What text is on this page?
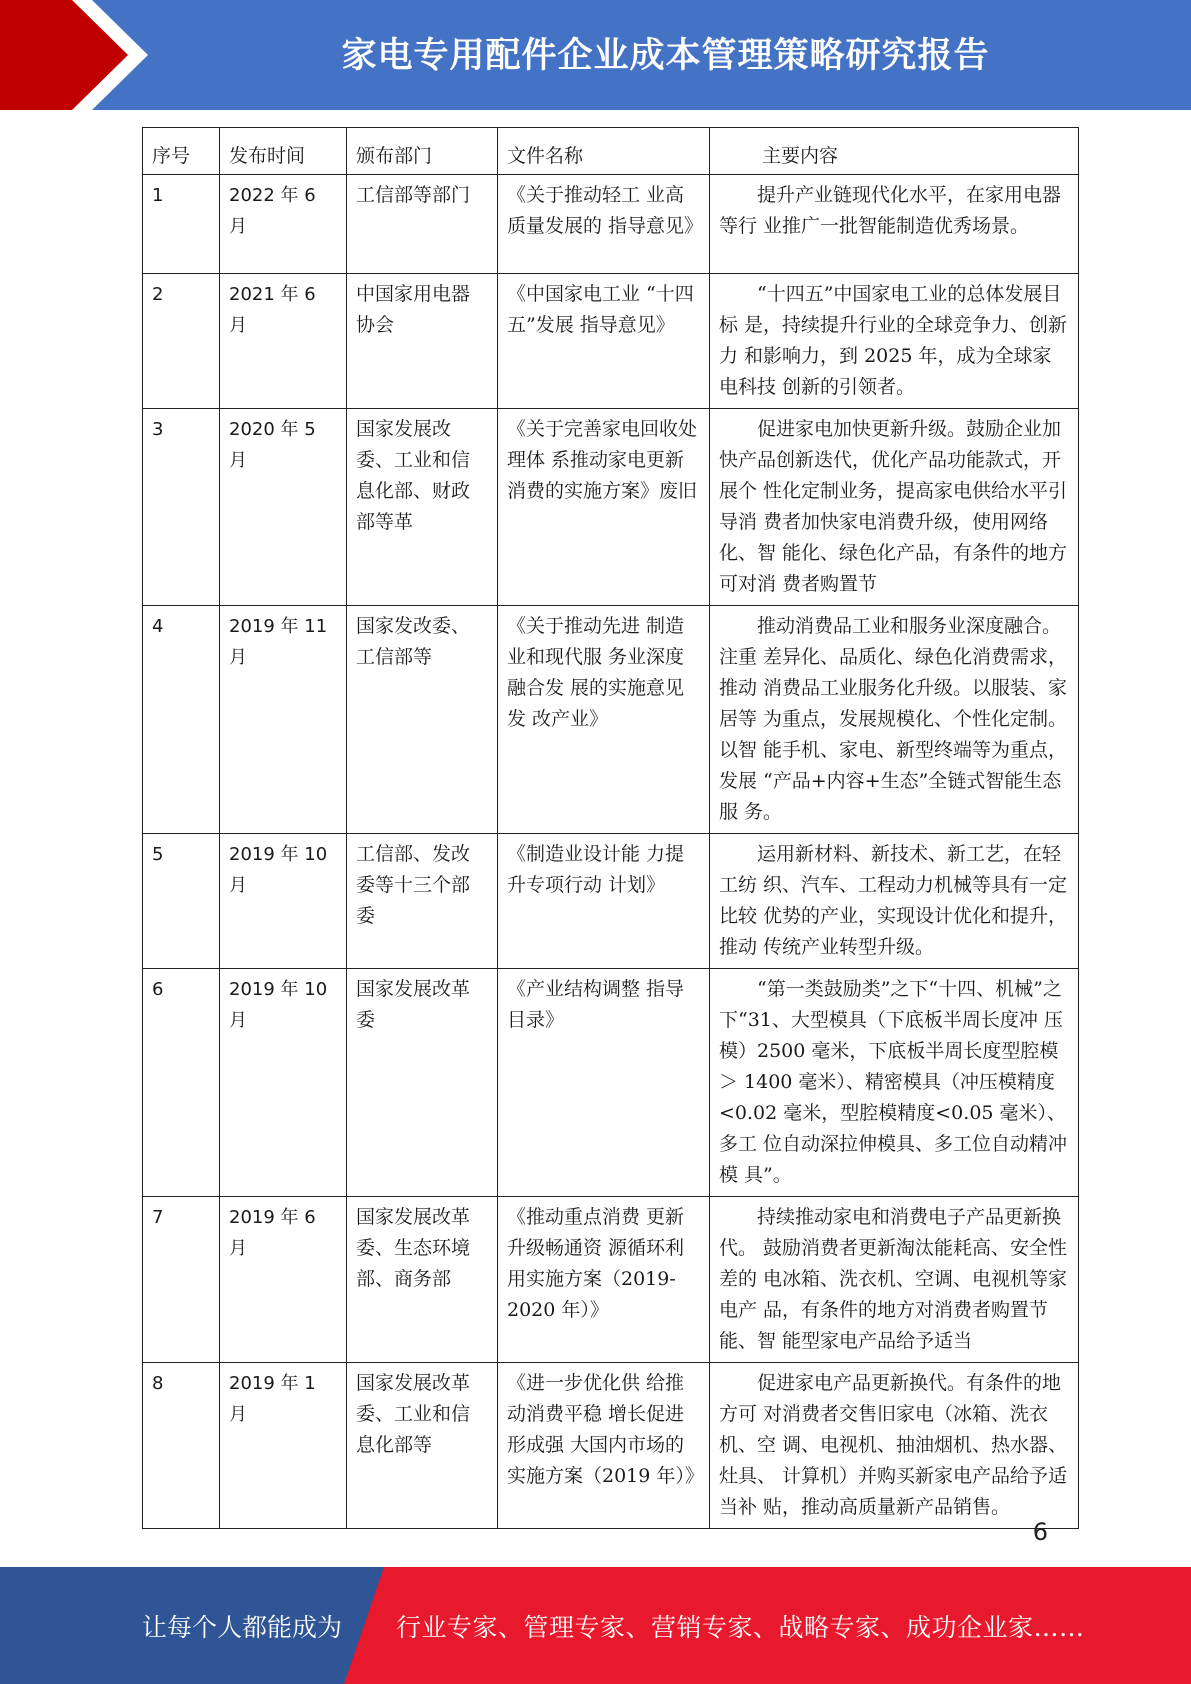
家电专用配件企业成本管理策略研究报告
序号	发布时间	颁布部门	文件名称	主要内容
1	2022 年 6 月	工信部等部门	《关于推动轻工 业高质量发展的 指导意见》	提升产业链现代化水平，在家用电器等行 业推广一批智能制造优秀场景。
2	2021 年 6 月	中国家用电器协会	《中国家电工业 “十四五”发展 指导意见》	“十四五”中国家电工业的总体发展目标 是，持续提升行业的全球竞争力、创新力 和影响力，到 2025 年，成为全球家电科技 创新的引领者。
3	2020 年 5 月	国家发展改委、工业和信息化部、财政部等革	《关于完善家电回收处理体 系推动家电更新 消费的实施方案》废旧	促进家电加快更新升级。鼓励企业加快产品创新迭代，优化产品功能款式，开展个 性化定制业务，提高家电供给水平引导消 费者加快家电消费升级，使用网络化、智 能化、绿色化产品，有条件的地方可对消 费者购置节
4	2019 年 11 月	国家发改委、工信部等	《关于推动先进 制造业和现代服 务业深度融合发 展的实施意见发 改产业》	推动消费品工业和服务业深度融合。注重 差异化、品质化、绿色化消费需求，推动 消费品工业服务化升级。以服装、家居等 为重点，发展规模化、个性化定制。以智 能手机、家电、新型终端等为重点，发展 “产品+内容+生态”全链式智能生态服 务。
5	2019 年 10 月	工信部、发改委等十三个部委	《制造业设计能 力提升专项行动 计划》	运用新材料、新技术、新工艺，在轻工纺 织、汽车、工程动力机械等具有一定比较 优势的产业，实现设计优化和提升，推动 传统产业转型升级。
6	2019 年 10 月	国家发展改革委	《产业结构调整 指导目录》	“第一类鼓励类”之下“十四、机械”之下“31、大型模具（下底板半周长度冲 压模）2500 毫米，下底板半周长度型腔模 ＞ 1400 毫米）、精密模具（冲压模精度 <0.02 毫米，型腔模精度<0.05 毫米）、多工 位自动深拉伸模具、多工位自动精冲模 具”。
7	2019 年 6 月	国家发展改革委、生态环境部、商务部	《推动重点消费 更新升级畅通资 源循环利用实施方案（2019- 2020 年）》	持续推动家电和消费电子产品更新换代。 鼓励消费者更新淘汰能耗高、安全性差的 电冰箱、洗衣机、空调、电视机等家电产 品，有条件的地方对消费者购置节能、智 能型家电产品给予适当
8	2019 年 1 月	国家发展改革委、工业和信息化部等	《进一步优化供 给推动消费平稳 增长促进形成强 大国内市场的实施方案（2019 年）》	促进家电产品更新换代。有条件的地方可 对消费者交售旧家电（冰箱、洗衣机、空 调、电视机、抽油烟机、热水器、灶具、 计算机）并购买新家电产品给予适当补 贴，推动高质量新产品销售。
6
让每个人都能成为	行业专家、管理专家、营销专家、战略专家、成功企业家……
